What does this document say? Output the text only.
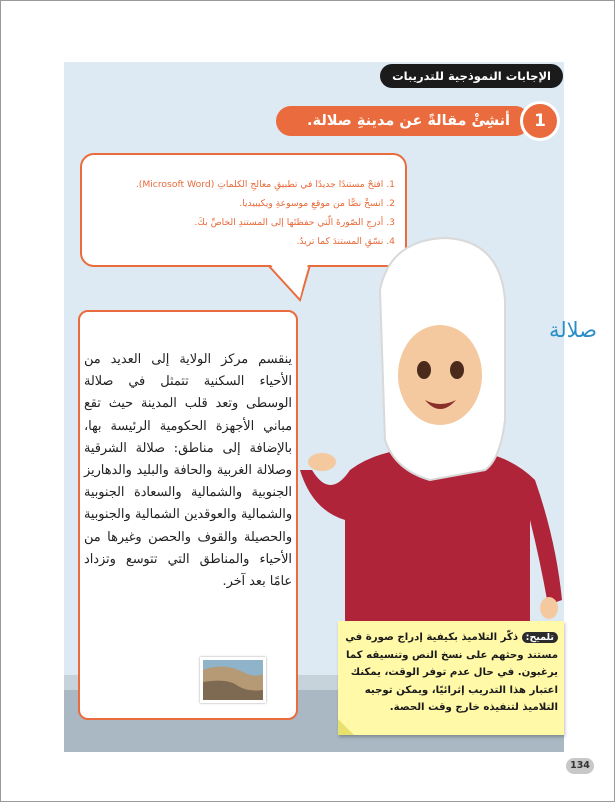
الإجابات النموذجية للتدريبات
أنشِئْ مقالةً عن مدينةِ صلالة.	1
1. افتحْ مستندًا جديدًا في تطبيقِ معالجِ الكلماتِ (Microsoft Word).
2. انسخْ نصًّا من موقعِ موسوعةِ ويكيبيديا.
3. أدرجِ الصّورةَ الّتي حفظتَها إلى المستندِ الخاصِّ بكَ.
4. نسّقِ المستندَ كما تريدُ.
صلالة
ينقسم مركز الولاية إلى العديد من الأحياء السكنية تتمثل في صلالة الوسطى وتعد قلب المدينة حيث تقع مباني الأجهزة الحكومية الرئيسة بها، بالإضافة إلى مناطق: صلالة الشرقية وصلالة الغربية والحافة والبليد والدهاريز الجنوبية والشمالية والسعادة الجنوبية والشمالية والعوقدين الشمالية والجنوبية والحصيلة والقوف والحصن وغيرها من الأحياء والمناطق التي تتوسع وتزداد عامًا بعد آخر.
تلميح: ذكّر التلاميذ بكيفية إدراج صورة في مستند وحثهم على نسخ النص وتنسيقه كما يرغبون. في حال عدم توفر الوقت، يمكنك اعتبار هذا التدريب إثرائيًا، ويمكن توجيه التلاميذ لتنفيذه خارج وقت الحصة.
134
